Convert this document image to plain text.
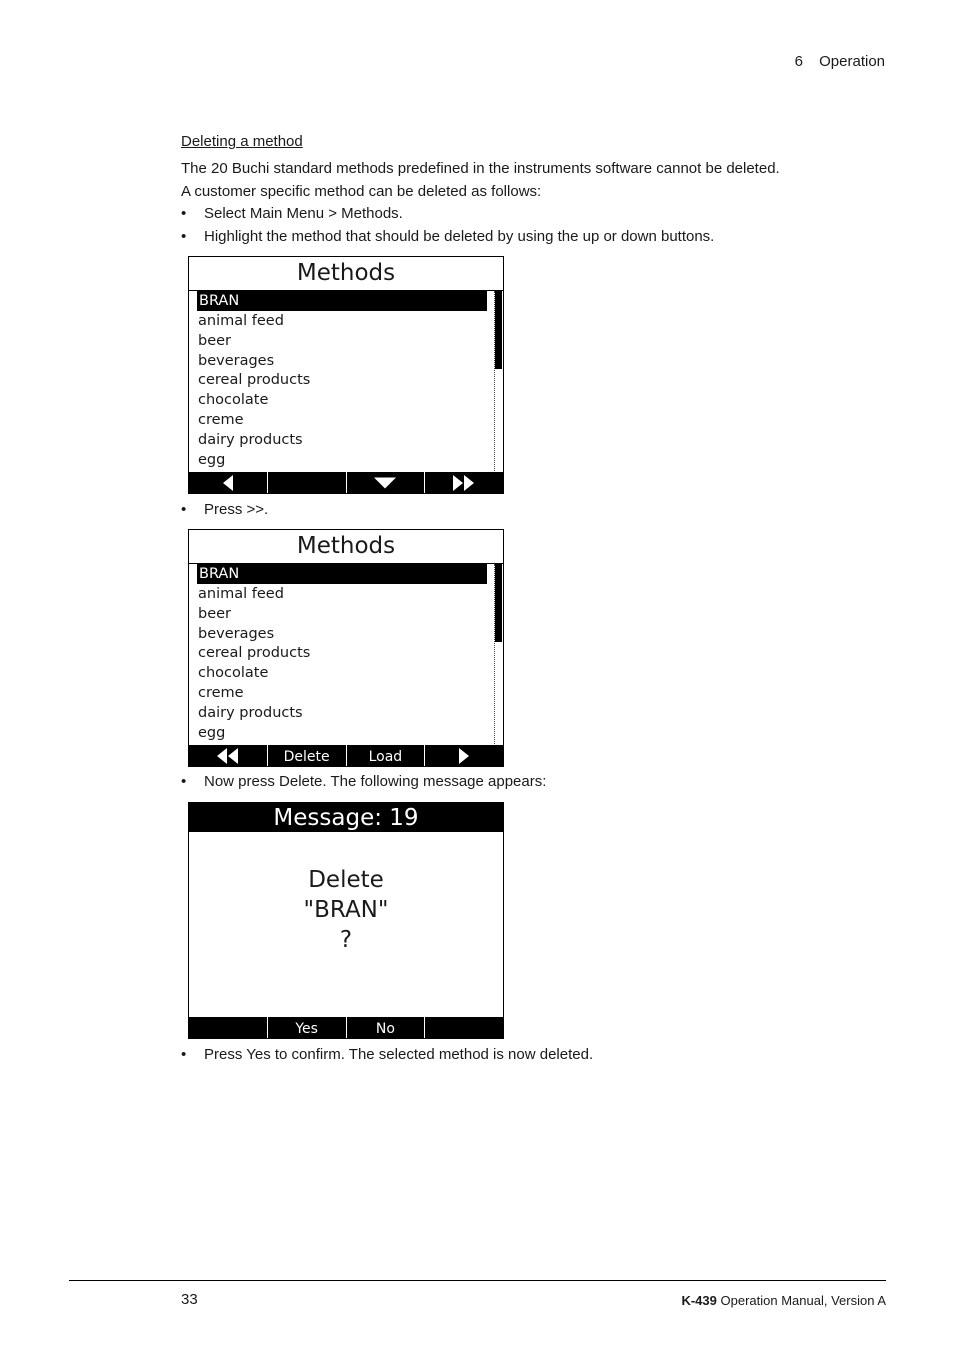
6 Operation
Deleting a method
The 20 Buchi standard methods predefined in the instruments software cannot be deleted.
A customer specific method can be deleted as follows:
• Select Main Menu > Methods.
• Highlight the method that should be deleted by using the up or down buttons.
Methods
BRAN
animal feed
beer
beverages
cereal products
chocolate
creme
dairy products
egg
• Press >>.
Methods
BRAN
animal feed
beer
beverages
cereal products
chocolate
creme
dairy products
egg
Delete	Load
• Now press Delete. The following message appears:
Message: 19
Delete
"BRAN"
?
Yes	No
• Press Yes to confirm. The selected method is now deleted.
33	K-439 Operation Manual, Version A
